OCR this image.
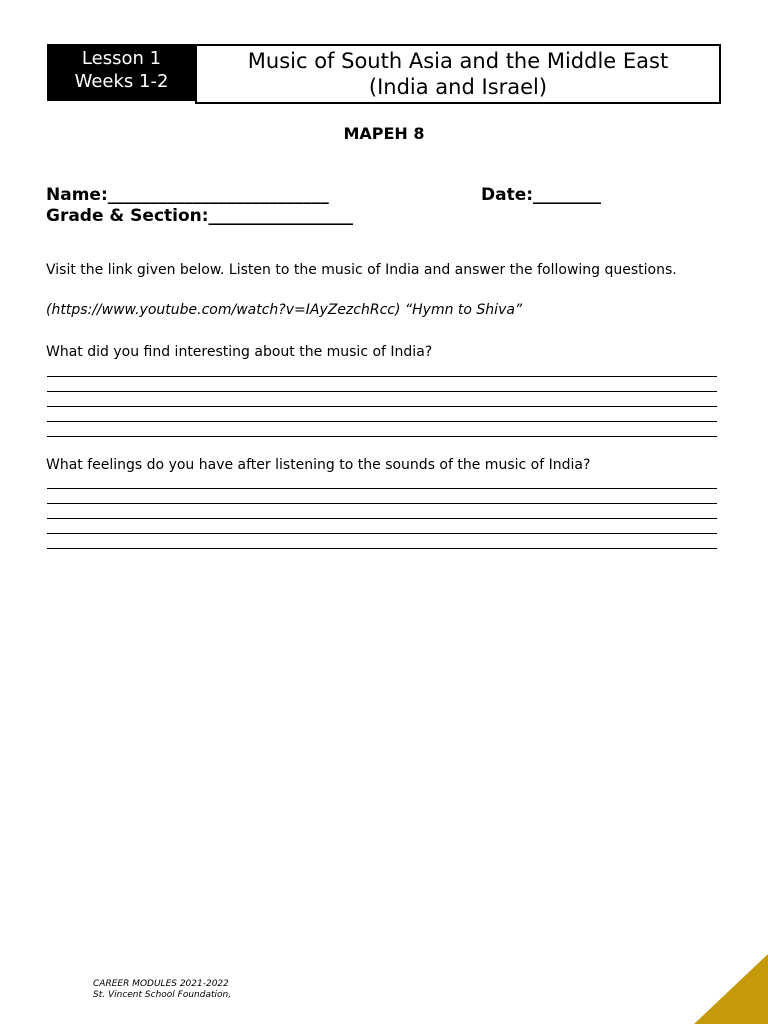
Lesson 1
Weeks 1-2
Music of South Asia and the Middle East
(India and Israel)
MAPEH 8
Name:__________________________	Date:________
Grade & Section:_________________
Visit the link given below. Listen to the music of India and answer the following questions.
(https://www.youtube.com/watch?v=IAyZezchRcc) “Hymn to Shiva”
What did you find interesting about the music of India?
What feelings do you have after listening to the sounds of the music of India?
CAREER MODULES 2021-2022
St. Vincent School Foundation,
